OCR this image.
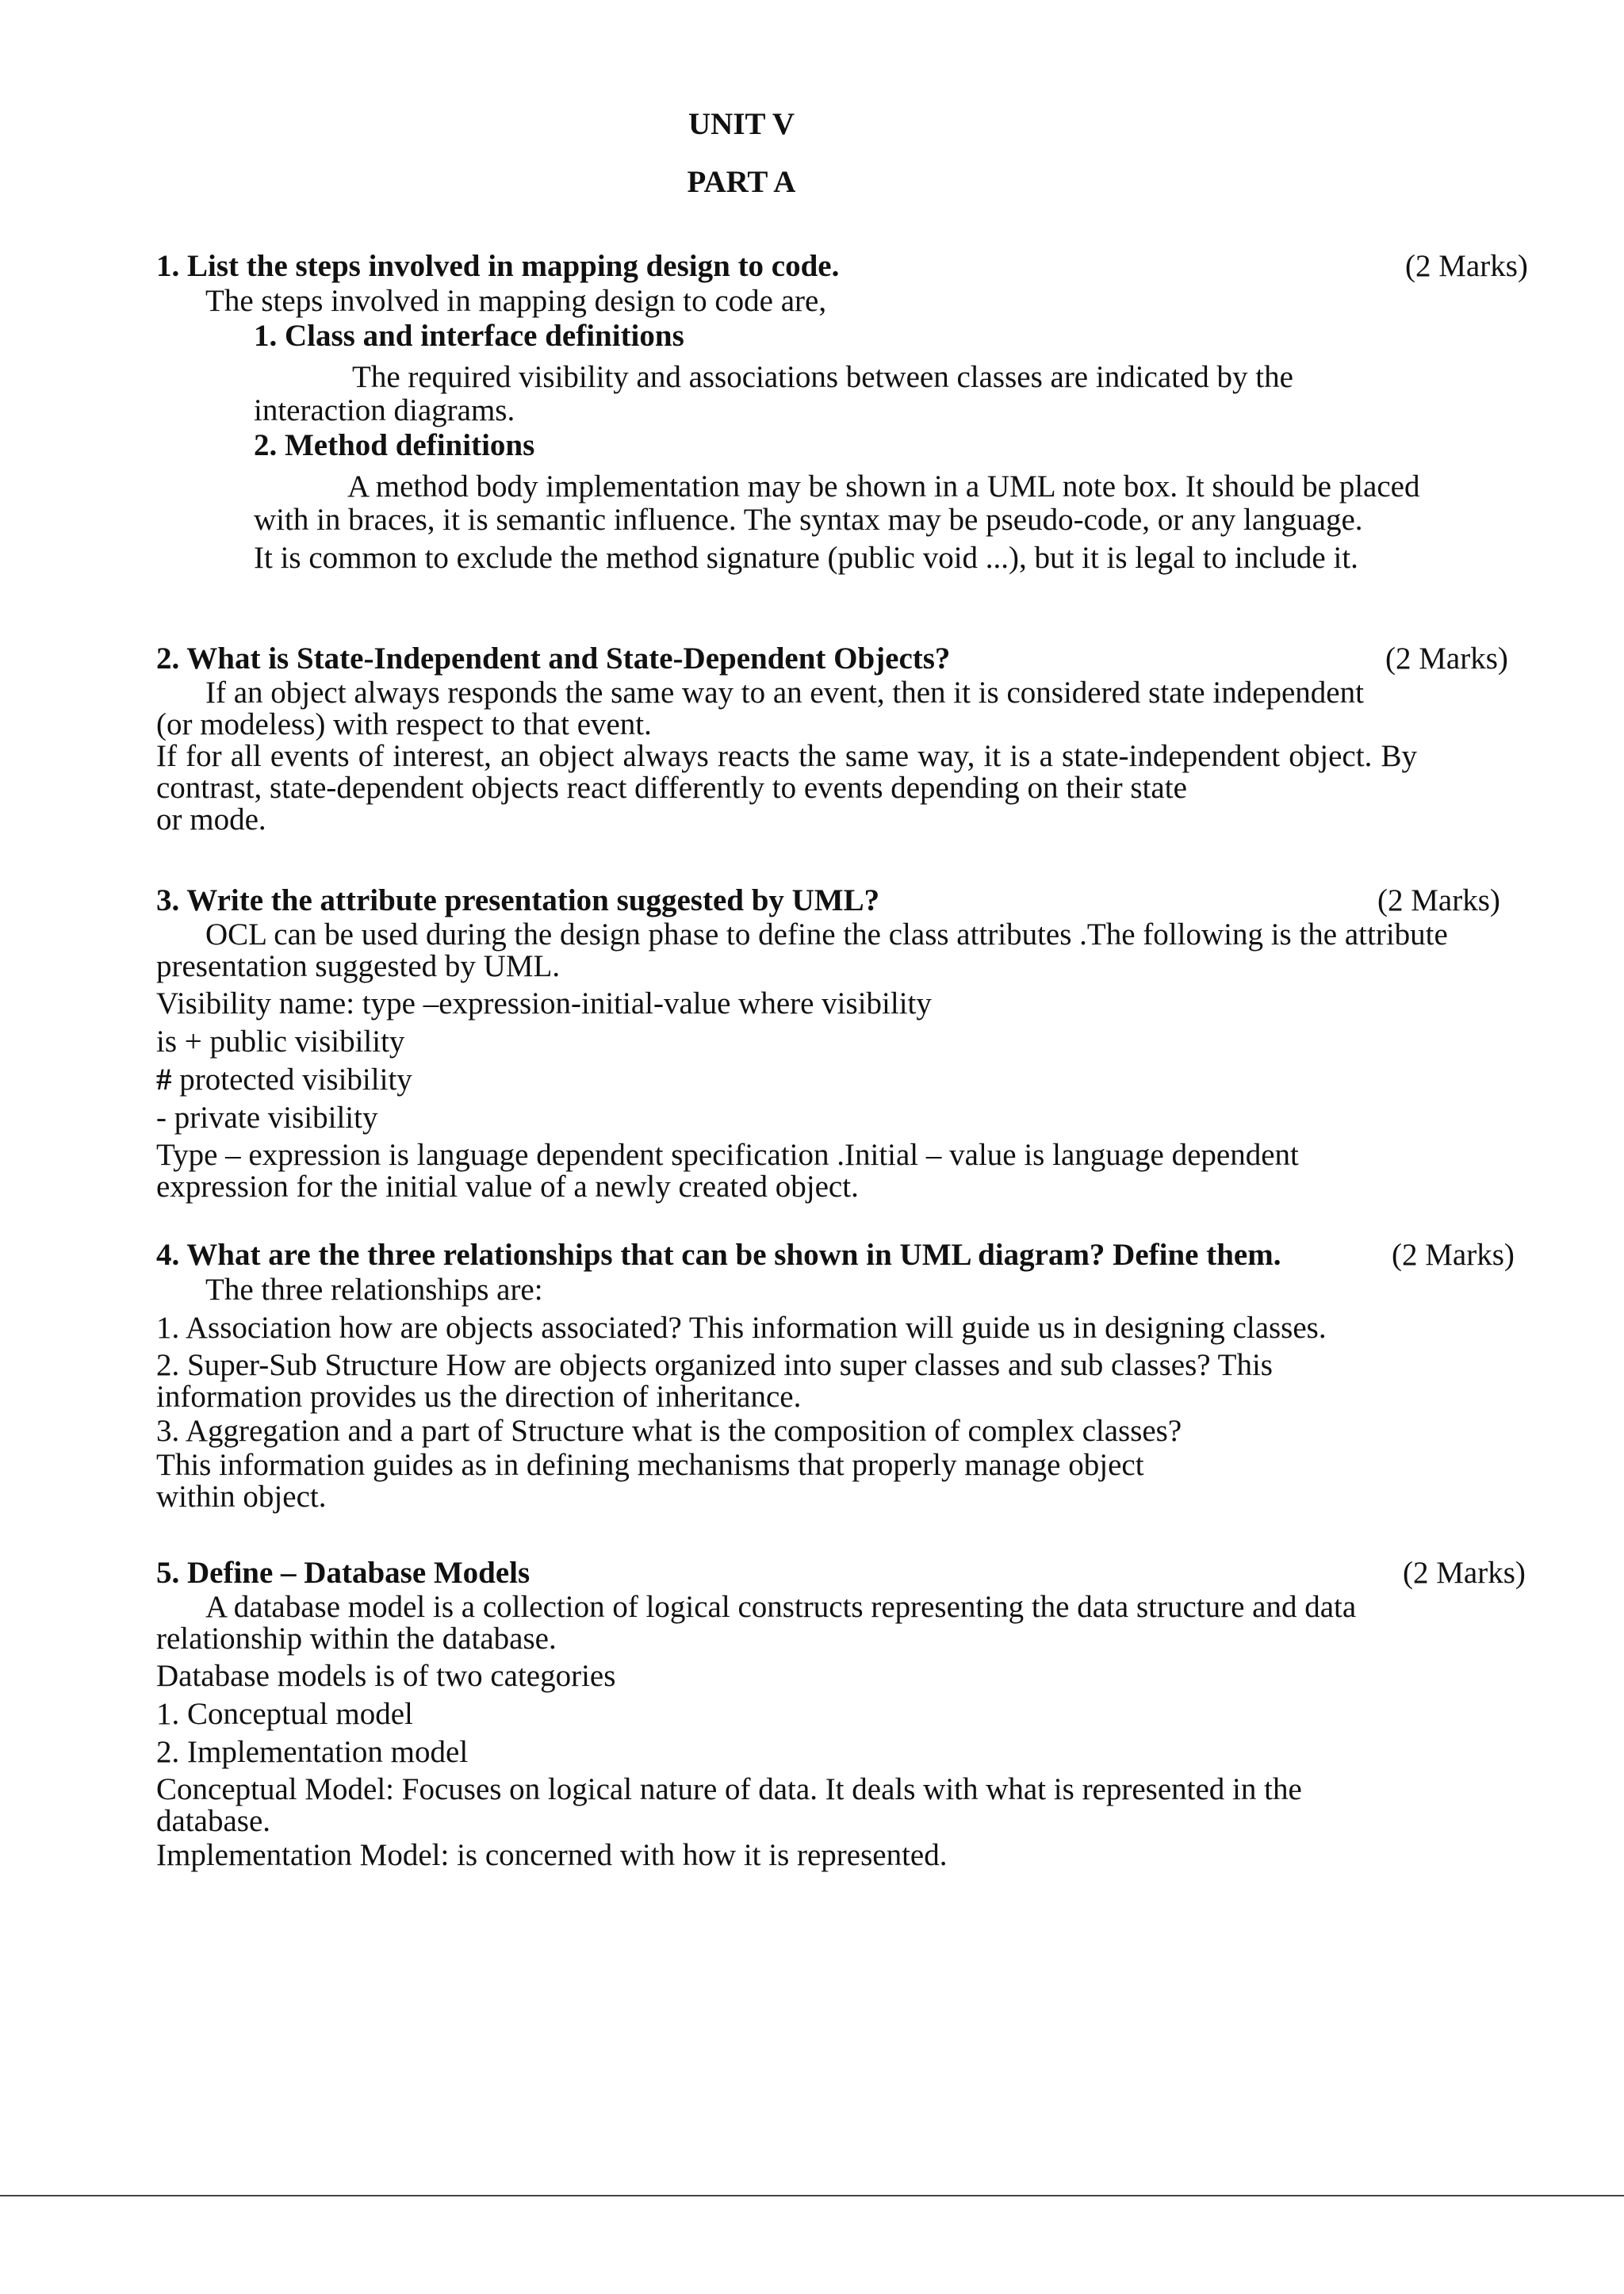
UNIT V
PART A
1. List the steps involved in mapping design to code.	(2 Marks)

The steps involved in mapping design to code are,

1. Class and interface definitions

The required visibility and associations between classes are indicated by the

interaction diagrams.

2. Method definitions

A method body implementation may be shown in a UML note box. It should be placed

with in braces, it is semantic influence. The syntax may be pseudo-code, or any language.

It is common to exclude the method signature (public void ...), but it is legal to include it.

2. What is State-Independent and State-Dependent Objects?	(2 Marks)

If an object always responds the same way to an event, then it is considered state independent

(or modeless) with respect to that event.

If for all events of interest, an object always reacts the same way, it is a state-independent object. By contrast, state-dependent objects react differently to events depending on their state

or mode.

3. Write the attribute presentation suggested by UML?	(2 Marks)

OCL can be used during the design phase to define the class attributes .The following is the attribute

presentation suggested by UML.

Visibility name: type –expression-initial-value where visibility

is + public visibility

# protected visibility

- private visibility

Type – expression is language dependent specification .Initial – value is language dependent

expression for the initial value of a newly created object.

4. What are the three relationships that can be shown in UML diagram? Define them.	(2 Marks)

The three relationships are:

1. Association how are objects associated? This information will guide us in designing classes.

2. Super-Sub Structure How are objects organized into super classes and sub classes? This

information provides us the direction of inheritance.

3. Aggregation and a part of Structure what is the composition of complex classes?

This information guides as in defining mechanisms that properly manage object

within object.

5. Define – Database Models	(2 Marks)

A database model is a collection of logical constructs representing the data structure and data

relationship within the database.

Database models is of two categories

1. Conceptual model

2. Implementation model

Conceptual Model: Focuses on logical nature of data. It deals with what is represented in the

database.

Implementation Model: is concerned with how it is represented.
